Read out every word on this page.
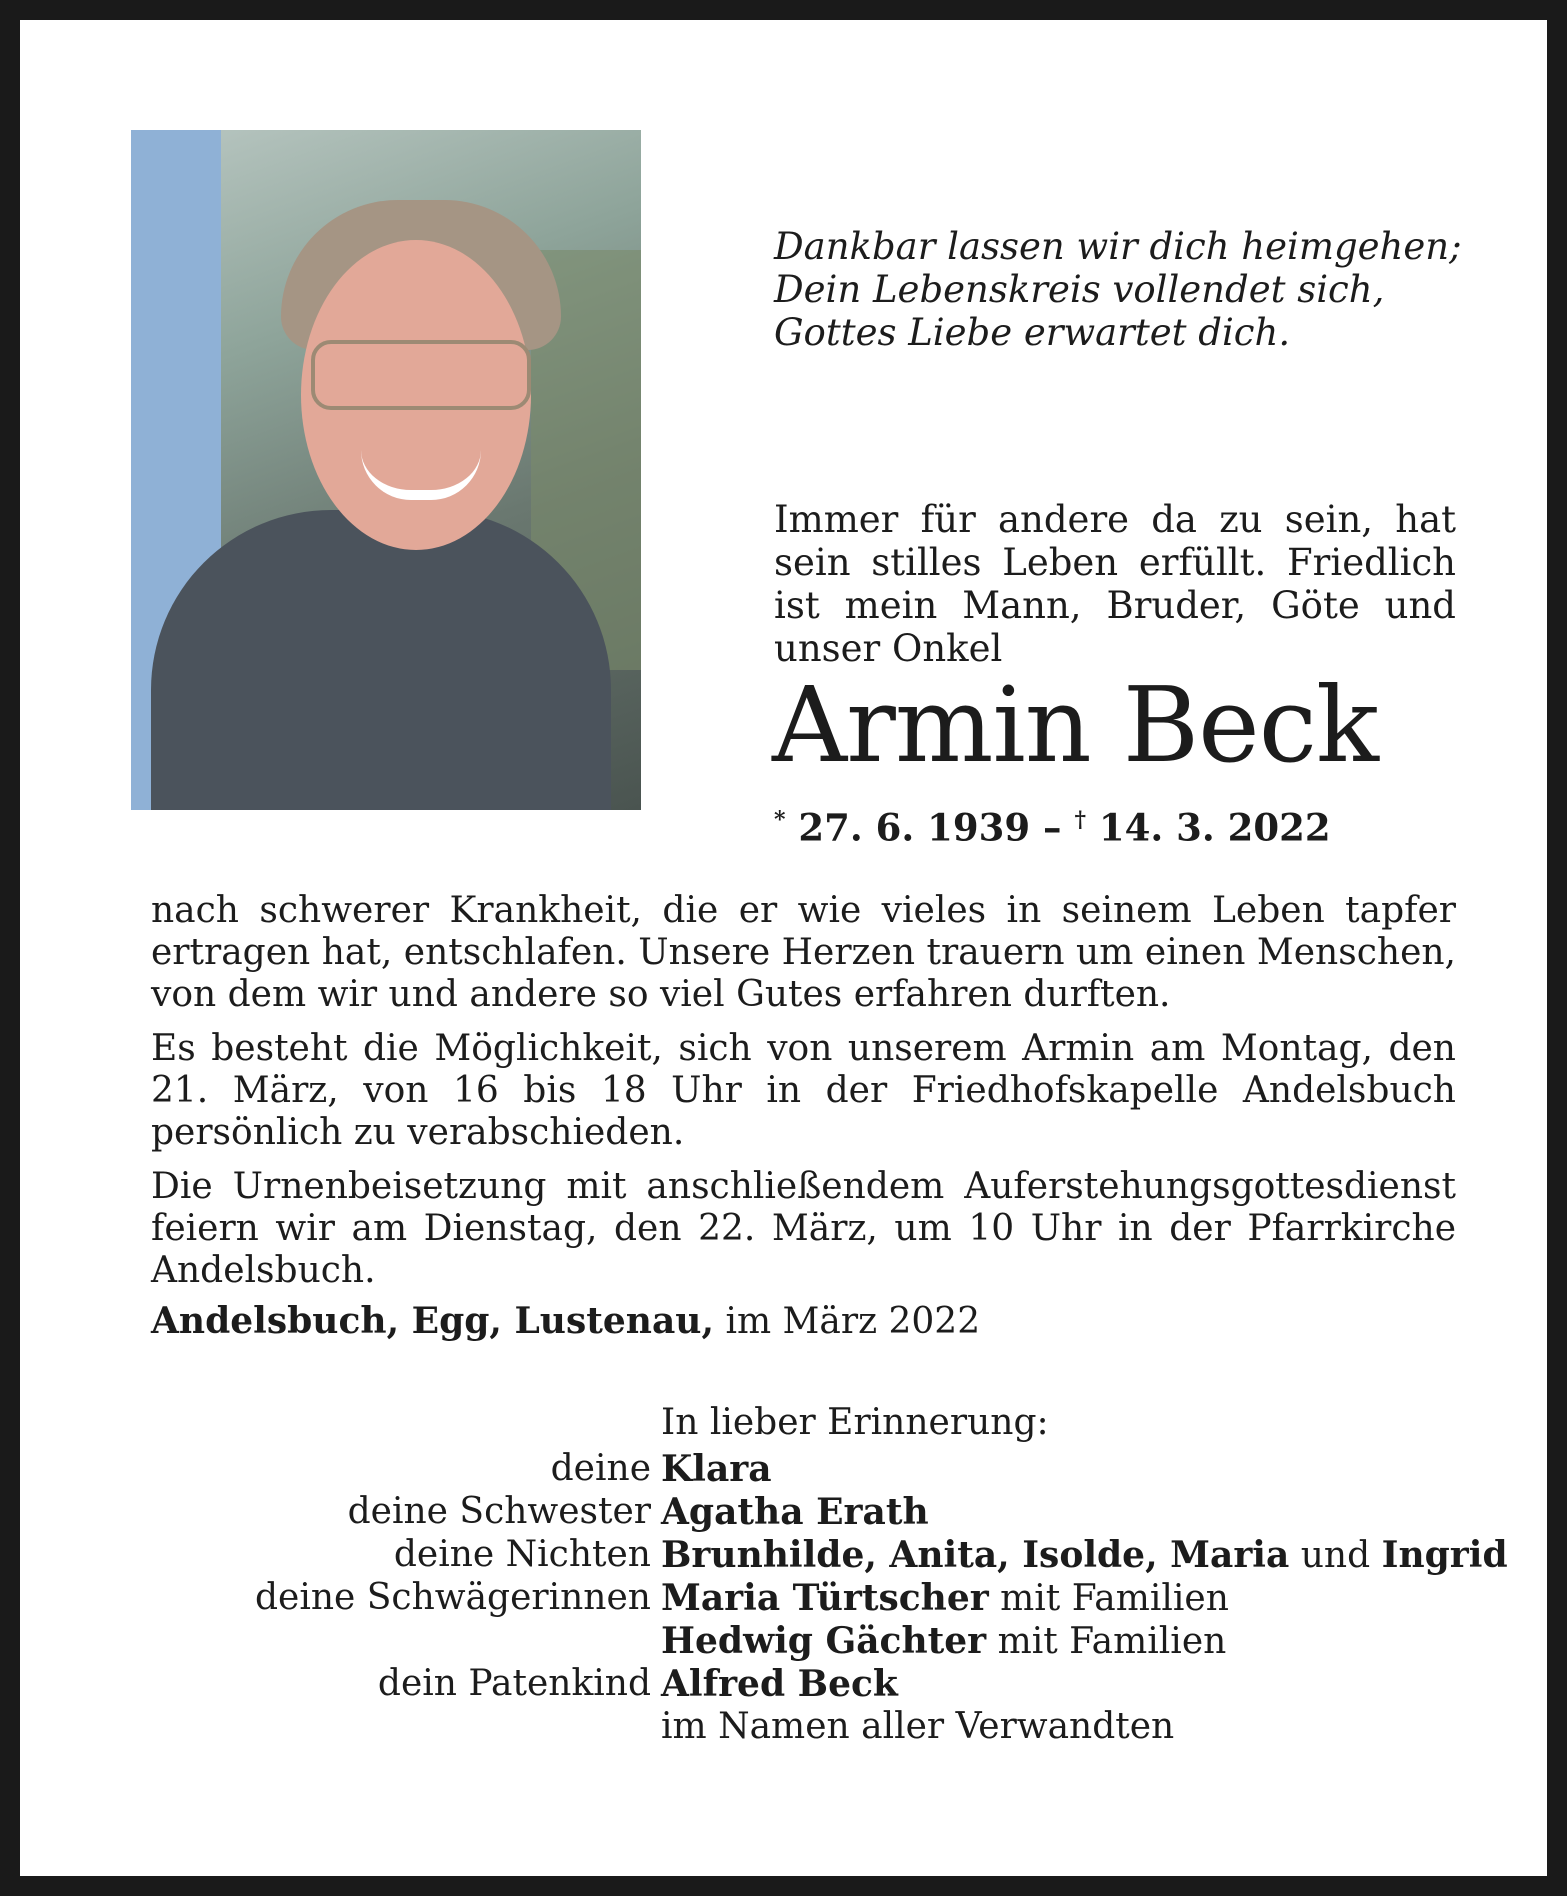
Dankbar lassen wir dich heimgehen;
Dein Lebenskreis vollendet sich,
Gottes Liebe erwartet dich.
Immer für andere da zu sein, hat sein stilles Leben erfüllt. Friedlich ist mein Mann, Bruder, Göte und unser Onkel
Armin Beck
* 27. 6. 1939 – † 14. 3. 2022

nach schwerer Krankheit, die er wie vieles in seinem Leben tapfer ertragen hat, entschlafen. Unsere Herzen trauern um einen Menschen, von dem wir und andere so viel Gutes erfahren durften.

Es besteht die Möglichkeit, sich von unserem Armin am Montag, den 21. März, von 16 bis 18 Uhr in der Friedhofskapelle Andelsbuch persönlich zu verabschieden.

Die Urnenbeisetzung mit anschließendem Auferstehungsgottesdienst feiern wir am Dienstag, den 22. März, um 10 Uhr in der Pfarrkirche Andelsbuch.

Andelsbuch, Egg, Lustenau, im März 2022
In lieber Erinnerung:
deine Klara
deine Schwester Agatha Erath
deine Nichten Brunhilde, Anita, Isolde, Maria und Ingrid
deine Schwägerinnen Maria Türtscher mit Familien
Hedwig Gächter mit Familien
dein Patenkind Alfred Beck
im Namen aller Verwandten
